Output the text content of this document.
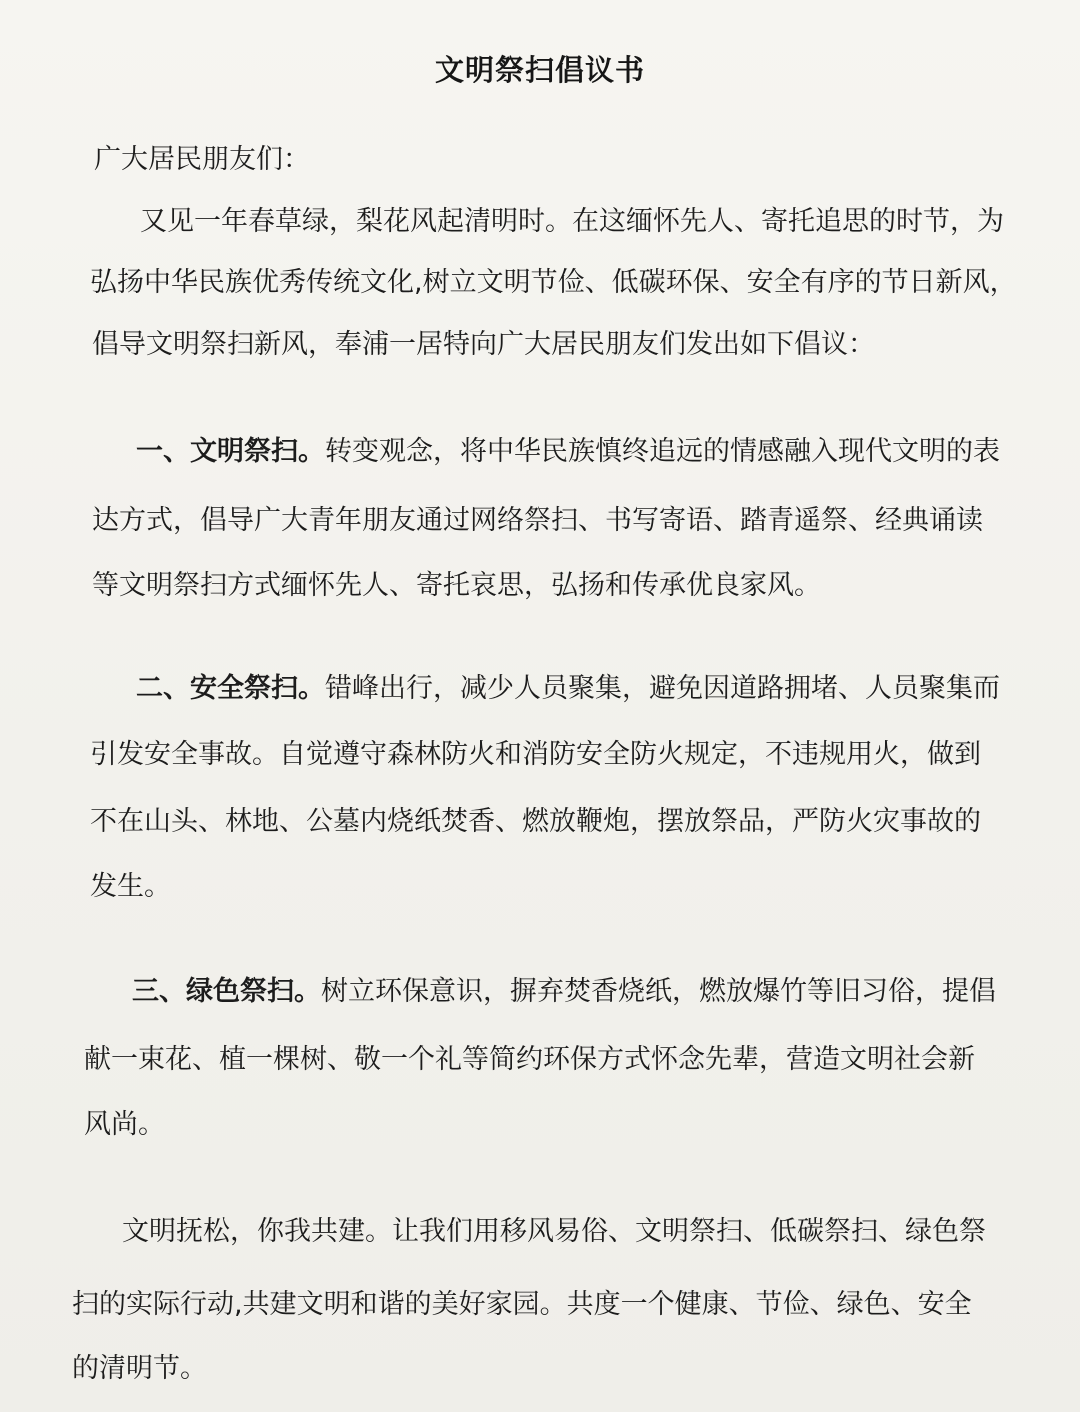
文明祭扫倡议书
广大居民朋友们：
又见一年春草绿，梨花风起清明时。在这缅怀先人、寄托追思的时节，为
弘扬中华民族优秀传统文化,树立文明节俭、低碳环保、安全有序的节日新风，
倡导文明祭扫新风，奉浦一居特向广大居民朋友们发出如下倡议：
一、文明祭扫。转变观念，将中华民族慎终追远的情感融入现代文明的表
达方式，倡导广大青年朋友通过网络祭扫、书写寄语、踏青遥祭、经典诵读
等文明祭扫方式缅怀先人、寄托哀思，弘扬和传承优良家风。
二、安全祭扫。错峰出行，减少人员聚集，避免因道路拥堵、人员聚集而
引发安全事故。自觉遵守森林防火和消防安全防火规定，不违规用火，做到
不在山头、林地、公墓内烧纸焚香、燃放鞭炮，摆放祭品，严防火灾事故的
发生。
三、绿色祭扫。树立环保意识，摒弃焚香烧纸，燃放爆竹等旧习俗，提倡
献一束花、植一棵树、敬一个礼等简约环保方式怀念先辈，营造文明社会新
风尚。
文明抚松，你我共建。让我们用移风易俗、文明祭扫、低碳祭扫、绿色祭
扫的实际行动,共建文明和谐的美好家园。共度一个健康、节俭、绿色、安全
的清明节。
